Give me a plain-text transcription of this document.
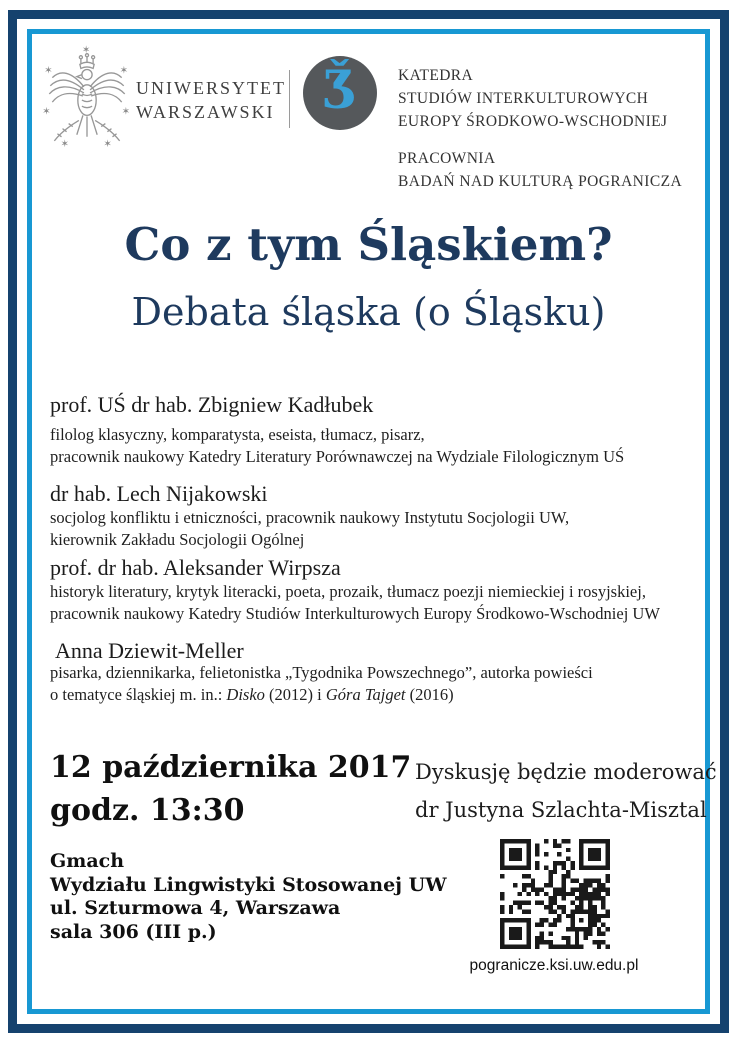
✶
✶	✶
✶	✶
✶	✶
UNIWERSYTET
WARSZAWSKI Ǯ	KATEDRA
STUDIÓW INTERKULTUROWYCH
EUROPY ŚRODKOWO-WSCHODNIEJ
PRACOWNIA
BADAŃ NAD KULTURĄ POGRANICZA
Co z tym Śląskiem?
Debata śląska (o Śląsku)
prof. UŚ dr hab. Zbigniew Kadłubek
filolog klasyczny, komparatysta, eseista, tłumacz, pisarz,
pracownik naukowy Katedry Literatury Porównawczej na Wydziale Filologicznym UŚ
dr hab. Lech Nijakowski
socjolog konfliktu i etniczności, pracownik naukowy Instytutu Socjologii UW,
kierownik Zakładu Socjologii Ogólnej
prof. dr hab. Aleksander Wirpsza
historyk literatury, krytyk literacki, poeta, prozaik, tłumacz poezji niemieckiej i rosyjskiej,
pracownik naukowy Katedry Studiów Interkulturowych Europy Środkowo-Wschodniej UW
Anna Dziewit-Meller
pisarka, dziennikarka, felietonistka „Tygodnika Powszechnego”, autorka powieści
o tematyce śląskiej m. in.: Disko (2012) i Góra Tajget (2016)
12 października 2017
godz. 13:30
Dyskusję będzie moderować
dr Justyna Szlachta-Misztal
Gmach
Wydziału Lingwistyki Stosowanej UW
ul. Szturmowa 4, Warszawa
sala 306 (III p.)
pogranicze.ksi.uw.edu.pl
